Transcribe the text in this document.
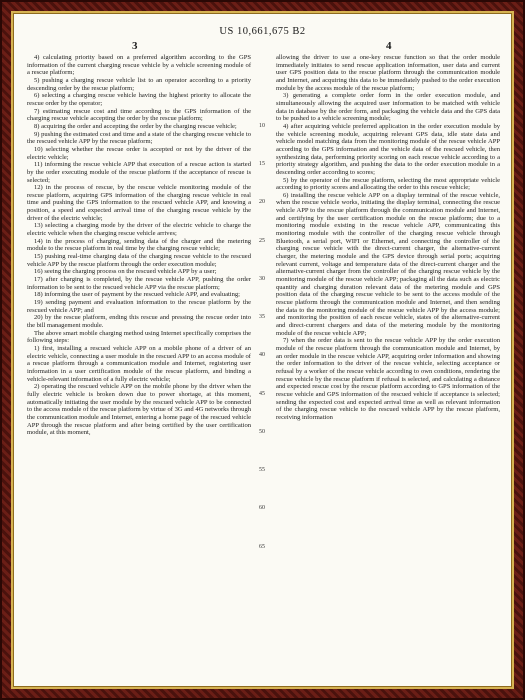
US 10,661,675 B2
3	4

4) calculating priority based on a preferred algorithm according to the GPS information of the current charging rescue vehicle by a vehicle screening module of a rescue platform;

5) pushing a charging rescue vehicle list to an operator according to a priority descending order by the rescue platform;

6) selecting a charging rescue vehicle having the highest priority to allocate the rescue order by the operator;

7) estimating rescue cost and time according to the GPS information of the charging rescue vehicle accepting the order by the rescue platform;

8) acquiring the order and accepting the order by the charging rescue vehicle;

9) pushing the estimated cost and time and a state of the charging rescue vehicle to the rescued vehicle APP by the rescue platform;

10) selecting whether the rescue order is accepted or not by the driver of the electric vehicle;

11) informing the rescue vehicle APP that execution of a rescue action is started by the order executing module of the rescue platform if the acceptance of rescue is selected;

12) in the process of rescue, by the rescue vehicle monitoring module of the rescue platform, acquiring GPS information of the charging rescue vehicle in real time and pushing the GPS information to the rescued vehicle APP, and knowing a position, a speed and expected arrival time of the charging rescue vehicle by the driver of the electric vehicle;

13) selecting a charging mode by the driver of the electric vehicle to charge the electric vehicle when the charging rescue vehicle arrives;

14) in the process of charging, sending data of the charger and the metering module to the rescue platform in real time by the charging rescue vehicle;

15) pushing real-time charging data of the charging rescue vehicle to the rescued vehicle APP by the rescue platform through the order execution module;

16) seeing the charging process on the rescued vehicle APP by a user;

17) after charging is completed, by the rescue vehicle APP, pushing the order information to be sent to the rescued vehicle APP via the rescue platform;

18) informing the user of payment by the rescued vehicle APP, and evaluating;

19) sending payment and evaluation information to the rescue platform by the rescued vehicle APP; and

20) by the rescue platform, ending this rescue and pressing the rescue order into the bill management module.

The above smart mobile charging method using Internet specifically comprises the following steps:

1) first, installing a rescued vehicle APP on a mobile phone of a driver of an electric vehicle, connecting a user module in the rescued APP to an access module of a rescue platform through a communication module and Internet, registering user information in a user certification module of the rescue platform, and binding a vehicle-relevant information of a fully electric vehicle;

2) operating the rescued vehicle APP on the mobile phone by the driver when the fully electric vehicle is broken down due to power shortage, at this moment, automatically initiating the user module by the rescued vehicle APP to be connected to the access module of the rescue platform by virtue of 3G and 4G networks through the communication module and Internet, entering a home page of the rescued vehicle APP through the rescue platform and after being certified by the user certification module, at this moment,

10
15
20
25
30
35
40
45
50
55
60
65

allowing the driver to use a one-key rescue function so that the order module immediately initiates to send rescue application information, user data and current user GPS position data to the rescue platform through the communication module and Internet, and acquiring this data to be immediately pushed to the order execution module by the access module of the rescue platform;

3) generating a complete order form in the order execution module, and simultaneously allowing the acquired user information to be matched with vehicle data in database by the order form, and packaging the vehicle data and the GPS data to be pushed to a vehicle screening module;

4) after acquiring vehicle preferred application in the order execution module by the vehicle screening module, acquiring relevant GPS data, idle state data and vehicle model matching data from the monitoring module of the rescue vehicle APP according to the GPS information and the vehicle data of the rescued vehicle, then synthesizing data, performing priority scoring on each rescue vehicle according to a priority strategy algorithm, and pushing the data to the order execution module in a descending order according to scores;

5) by the operator of the rescue platform, selecting the most appropriate vehicle according to priority scores and allocating the order to this rescue vehicle;

6) installing the rescue vehicle APP on a display terminal of the rescue vehicle, when the rescue vehicle works, initiating the display terminal, connecting the rescue vehicle APP to the rescue platform through the communication module and Internet, and certifying by the user certification module on the rescue platform; due to a monitoring module existing in the rescue vehicle APP, communicating this monitoring module with the controller of the charging rescue vehicle through Bluetooth, a serial port, WIFI or Ethernet, and connecting the controller of the charging rescue vehicle with the direct-current charger, the alternative-current charger, the metering module and the GPS device through serial ports; acquiring relevant current, voltage and temperature data of the direct-current charger and the alternative-current charger from the controller of the charging rescue vehicle by the monitoring module of the rescue vehicle APP; packaging all the data such as electric quantity and charging duration relevant data of the metering module and GPS position data of the charging rescue vehicle to be sent to the access module of the rescue platform through the communication module and Internet, and then sending the data to the monitoring module of the rescue vehicle APP by the access module; and monitoring the position of each rescue vehicle, states of the alternative-current and direct-current chargers and data of the metering module by the monitoring module of the rescue vehicle APP;

7) when the order data is sent to the rescue vehicle APP by the order execution module of the rescue platform through the communication module and Internet, by an order module in the rescue vehicle APP, acquiring order information and showing the order information to the driver of the rescue vehicle, selecting acceptance or refusal by a worker of the rescue vehicle according to own conditions, rendering the rescue vehicle by the rescue platform if refusal is selected, and calculating a distance and expected rescue cost by the rescue platform according to GPS information of the rescue vehicle and GPS information of the rescued vehicle if acceptance is selected; sending the expected cost and expected arrival time as well as relevant information of the charging rescue vehicle to the rescued vehicle APP by the rescue platform, receiving information
